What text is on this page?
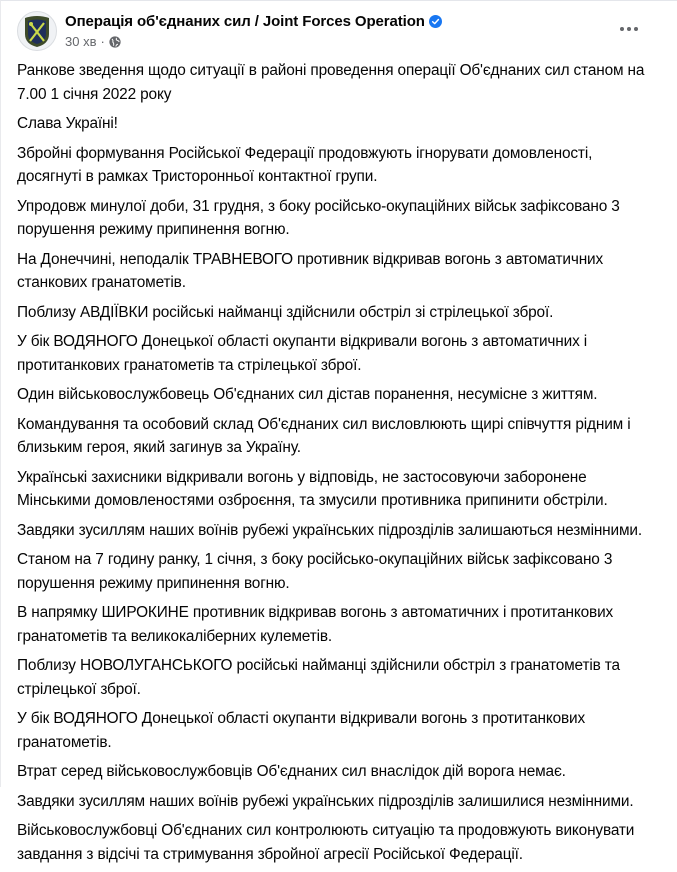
Операція об'єднаних сил / Joint Forces Operation
30 хв ·

Ранкове зведення щодо ситуації в районі проведення операції Об'єднаних сил станом на 7.00 1 січня 2022 року

Слава Україні!

Збройні формування Російської Федерації продовжують ігнорувати домовленості, досягнуті в рамках Тристоронньої контактної групи.

Упродовж минулої доби, 31 грудня, з боку російсько-окупаційних військ зафіксовано 3 порушення режиму припинення вогню.

На Донеччині, неподалік ТРАВНЕВОГО противник відкривав вогонь з автоматичних станкових гранатометів.

Поблизу АВДІЇВКИ російські найманці здійснили обстріл зі стрілецької зброї.

У бік ВОДЯНОГО Донецької області окупанти відкривали вогонь з автоматичних і протитанкових гранатометів та стрілецької зброї.

Один військовослужбовець Об'єднаних сил дістав поранення, несумісне з життям.

Командування та особовий склад Об'єднаних сил висловлюють щирі співчуття рідним і близьким героя, який загинув за Україну.

Українські захисники відкривали вогонь у відповідь, не застосовуючи заборонене Мінськими домовленостями озброєння, та змусили противника припинити обстріли.

Завдяки зусиллям наших воїнів рубежі українських підрозділів залишаються незмінними.

Станом на 7 годину ранку, 1 січня, з боку російсько-окупаційних військ зафіксовано 3 порушення режиму припинення вогню.

В напрямку ШИРОКИНЕ противник відкривав вогонь з автоматичних і протитанкових гранатометів та великокаліберних кулеметів.

Поблизу НОВОЛУГАНСЬКОГО російські найманці здійснили обстріл з гранатометів та стрілецької зброї.

У бік ВОДЯНОГО Донецької області окупанти відкривали вогонь з протитанкових гранатометів.

Втрат серед військовослужбовців Об'єднаних сил внаслідок дій ворога немає.

Завдяки зусиллям наших воїнів рубежі українських підрозділів залишилися незмінними.

Військовослужбовці Об'єднаних сил контролюють ситуацію та продовжують виконувати завдання з відсічі та стримування збройної агресії Російської Федерації.
